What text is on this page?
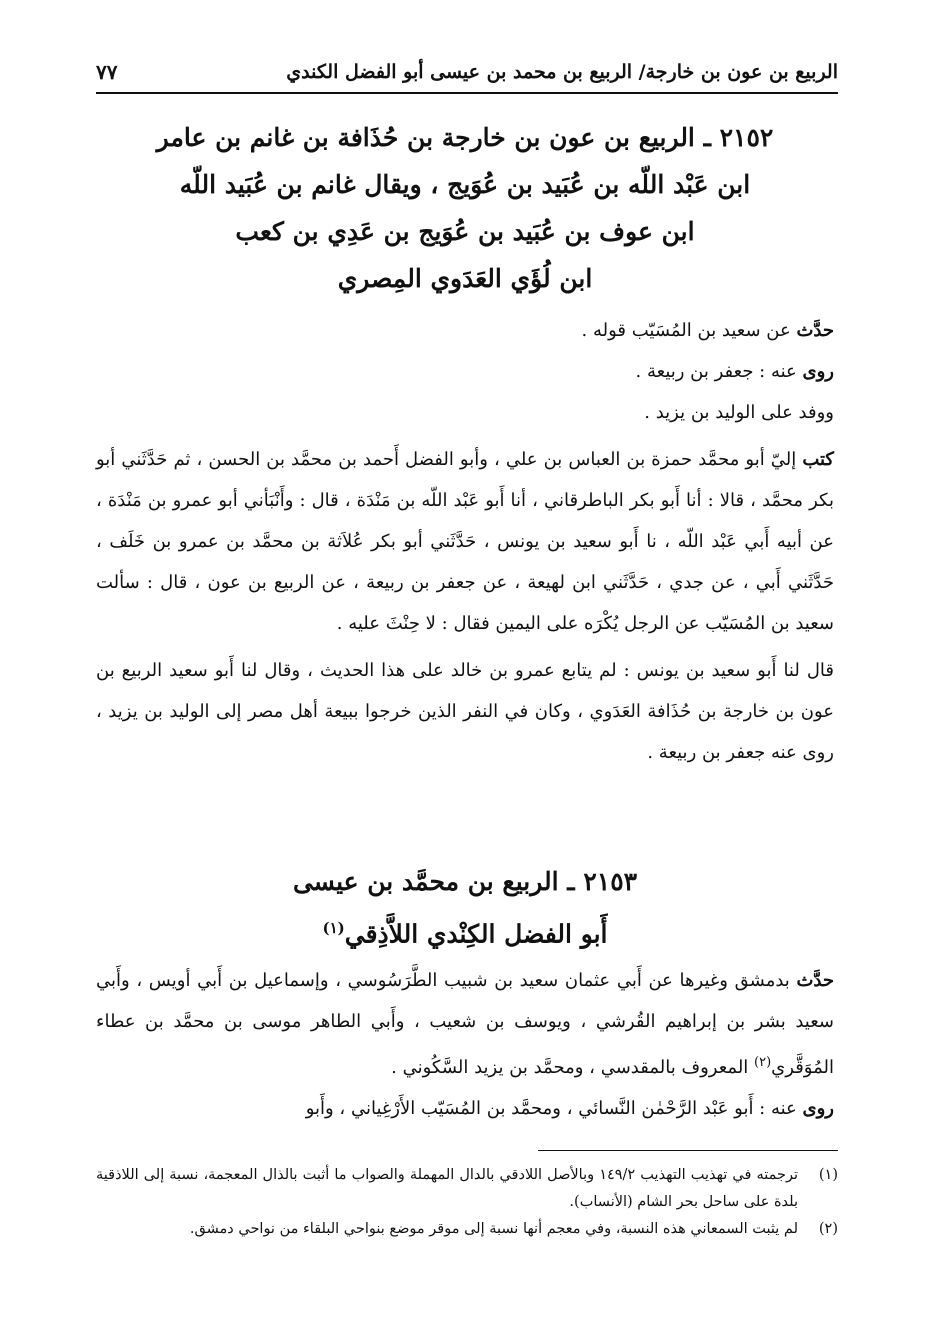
الربيع بن عون بن خارجة/ الربيع بن محمد بن عيسى أبو الفضل الكندي
٧٧
٢١٥٢ ـ الربيع بن عون بن خارجة بن حُذَافة بن غانم بن عامر
ابن عَبْد اللّه بن عُبَيد بن عُوَيج ، ويقال غانم بن عُبَيد اللّه
ابن عوف بن عُبَيد بن عُوَيج بن عَدِي بن كعب
ابن لُؤَي العَدَوي المِصري

حدَّث عن سعيد بن المُسَيّب قوله .

روى عنه : جعفر بن ربيعة .

ووفد على الوليد بن يزيد .

كتب إليّ أبو محمَّد حمزة بن العباس بن علي ، وأبو الفضل أَحمد بن محمَّد بن الحسن ، ثم حَدَّثَني أبو بكر محمَّد ، قالا : أنا أَبو بكر الباطرقاني ، أنا أَبو عَبْد اللّه بن مَنْدَة ، قال : وأَنْبَأني أبو عمرو بن مَنْدَة ، عن أبيه أَبي عَبْد اللّه ، نا أَبو سعيد بن يونس ، حَدَّثَني أبو بكر عُلاَثة بن محمَّد بن عمرو بن خَلَف ، حَدَّثَني أَبي ، عن جدي ، حَدَّثَني ابن لهيعة ، عن جعفر بن ربيعة ، عن الربيع بن عون ، قال : سألت سعيد بن المُسَيّب عن الرجل يُكْرَه على اليمين فقال : لا حِنْثَ عليه .

قال لنا أَبو سعيد بن يونس : لم يتابع عمرو بن خالد على هذا الحديث ، وقال لنا أَبو سعيد الربيع بن عون بن خارجة بن حُذَافة العَدَوي ، وكان في النفر الذين خرجوا ببيعة أهل مصر إلى الوليد بن يزيد ، روى عنه جعفر بن ربيعة .

٢١٥٣ ـ الربيع بن محمَّد بن عيسى
أَبو الفضل الكِنْدي اللاَّذِقي$^{(١)}$

حدَّث بدمشق وغيرها عن أَبي عثمان سعيد بن شبيب الطَّرَسُوسي ، وإسماعيل بن أَبي أويس ، وأَبي سعيد بشر بن إبراهيم القُرشي ، ويوسف بن شعيب ، وأَبي الطاهر موسى بن محمَّد بن عطاء المُوَقَّري$^{(٢)}$ المعروف بالمقدسي ، ومحمَّد بن يزيد السَّكُوني .

روى عنه : أَبو عَبْد الرَّحْمٰن النَّسائي ، ومحمَّد بن المُسَيّب الأَرْغِياني ، وأَبو

(١)
ترجمته في تهذيب التهذيب ١٤٩/٢ وبالأصل اللادقي بالدال المهملة والصواب ما أثبت بالذال المعجمة، نسبة إلى اللاذقية بلدة على ساحل بحر الشام (الأنساب).

(٢)
لم يثبت السمعاني هذه النسبة، وفي معجم أنها نسبة إلى موقر موضع بنواحي البلقاء من نواحي دمشق.
